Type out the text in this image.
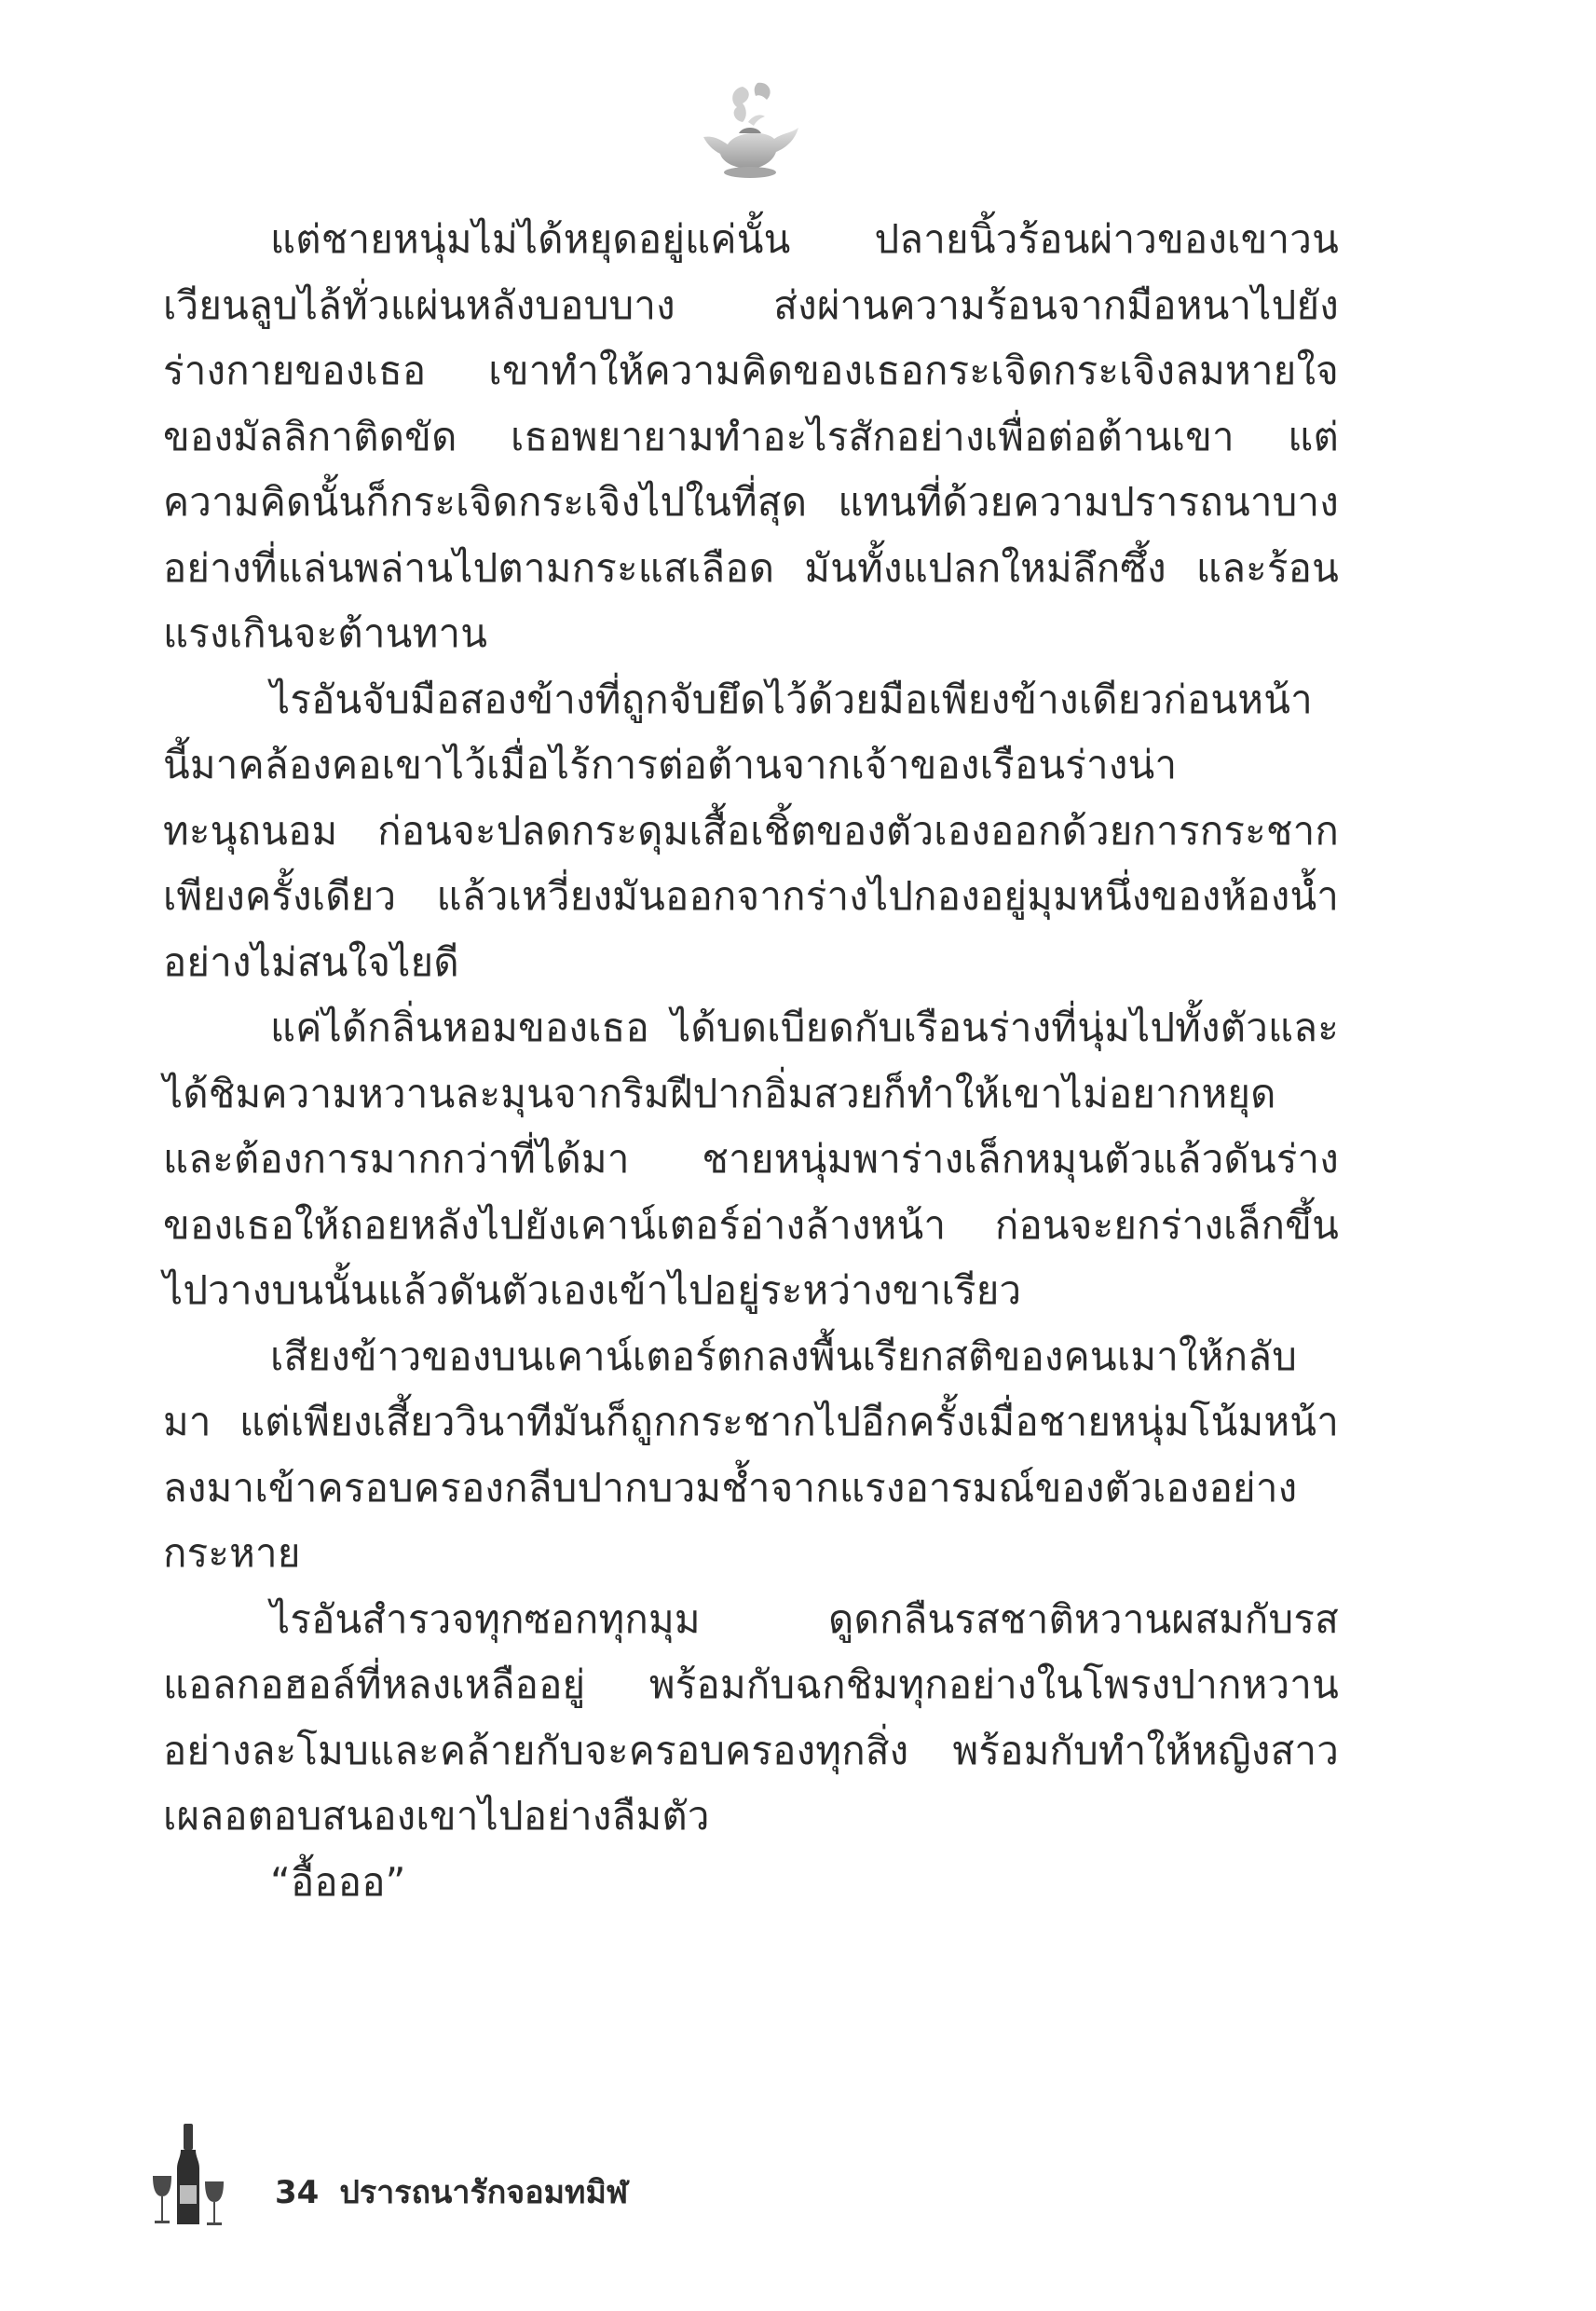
แต่ชายหนุ่มไม่ได้หยุดอยู่แค่นั้น ปลายนิ้วร้อนผ่าวของเขาวนเวียนลูบไล้ทั่วแผ่นหลังบอบบาง ส่งผ่านความร้อนจากมือหนาไปยังร่างกายของเธอ เขาทำให้ความคิดของเธอกระเจิดกระเจิงลมหายใจของมัลลิกาติดขัด เธอพยายามทำอะไรสักอย่างเพื่อต่อต้านเขา แต่ความคิดนั้นก็กระเจิดกระเจิงไปในที่สุด แทนที่ด้วยความปรารถนาบางอย่างที่แล่นพล่านไปตามกระแสเลือด มันทั้งแปลกใหม่ลึกซึ้ง และร้อนแรงเกินจะต้านทาน

ไรอันจับมือสองข้างที่ถูกจับยึดไว้ด้วยมือเพียงข้างเดียวก่อนหน้านี้มาคล้องคอเขาไว้เมื่อไร้การต่อต้านจากเจ้าของเรือนร่างน่าทะนุถนอม ก่อนจะปลดกระดุมเสื้อเชิ้ตของตัวเองออกด้วยการกระชากเพียงครั้งเดียว แล้วเหวี่ยงมันออกจากร่างไปกองอยู่มุมหนึ่งของห้องน้ำอย่างไม่สนใจไยดี

แค่ได้กลิ่นหอมของเธอ ได้บดเบียดกับเรือนร่างที่นุ่มไปทั้งตัวและได้ชิมความหวานละมุนจากริมฝีปากอิ่มสวยก็ทำให้เขาไม่อยากหยุด และต้องการมากกว่าที่ได้มา ชายหนุ่มพาร่างเล็กหมุนตัวแล้วดันร่างของเธอให้ถอยหลังไปยังเคาน์เตอร์อ่างล้างหน้า ก่อนจะยกร่างเล็กขึ้นไปวางบนนั้นแล้วดันตัวเองเข้าไปอยู่ระหว่างขาเรียว

เสียงข้าวของบนเคาน์เตอร์ตกลงพื้นเรียกสติของคนเมาให้กลับมา แต่เพียงเสี้ยววินาทีมันก็ถูกกระชากไปอีกครั้งเมื่อชายหนุ่มโน้มหน้าลงมาเข้าครอบครองกลีบปากบวมช้ำจากแรงอารมณ์ของตัวเองอย่างกระหาย

ไรอันสำรวจทุกซอกทุกมุม ดูดกลืนรสชาติหวานผสมกับรสแอลกอฮอล์ที่หลงเหลืออยู่ พร้อมกับฉกชิมทุกอย่างในโพรงปากหวานอย่างละโมบและคล้ายกับจะครอบครองทุกสิ่ง พร้อมกับทำให้หญิงสาวเผลอตอบสนองเขาไปอย่างลืมตัว

“อื้อออ”

34 ปรารถนารักจอมทมิฬ
